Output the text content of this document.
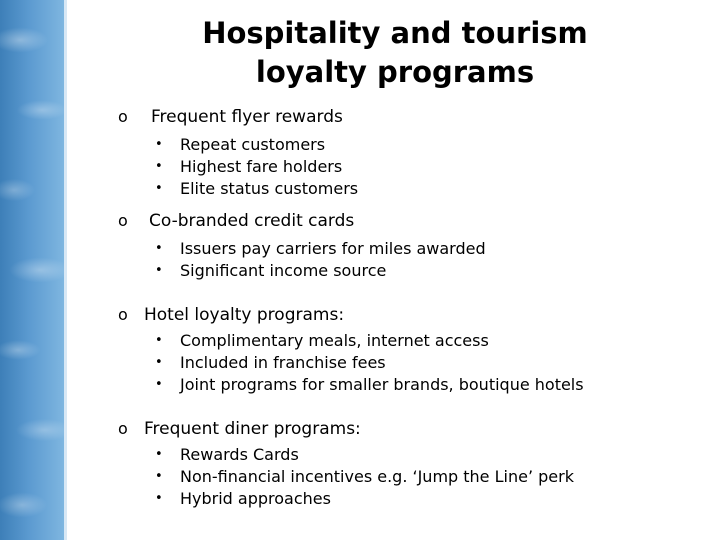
Hospitality and tourism
loyalty programs
o Frequent flyer rewards
• Repeat customers
• Highest fare holders
• Elite status customers
o Co-branded credit cards
• Issuers pay carriers for miles awarded
• Significant income source
o Hotel loyalty programs:
• Complimentary meals, internet access
• Included in franchise fees
• Joint programs for smaller brands, boutique hotels
o Frequent diner programs:
• Rewards Cards
• Non-financial incentives e.g. ‘Jump the Line’ perk
• Hybrid approaches
